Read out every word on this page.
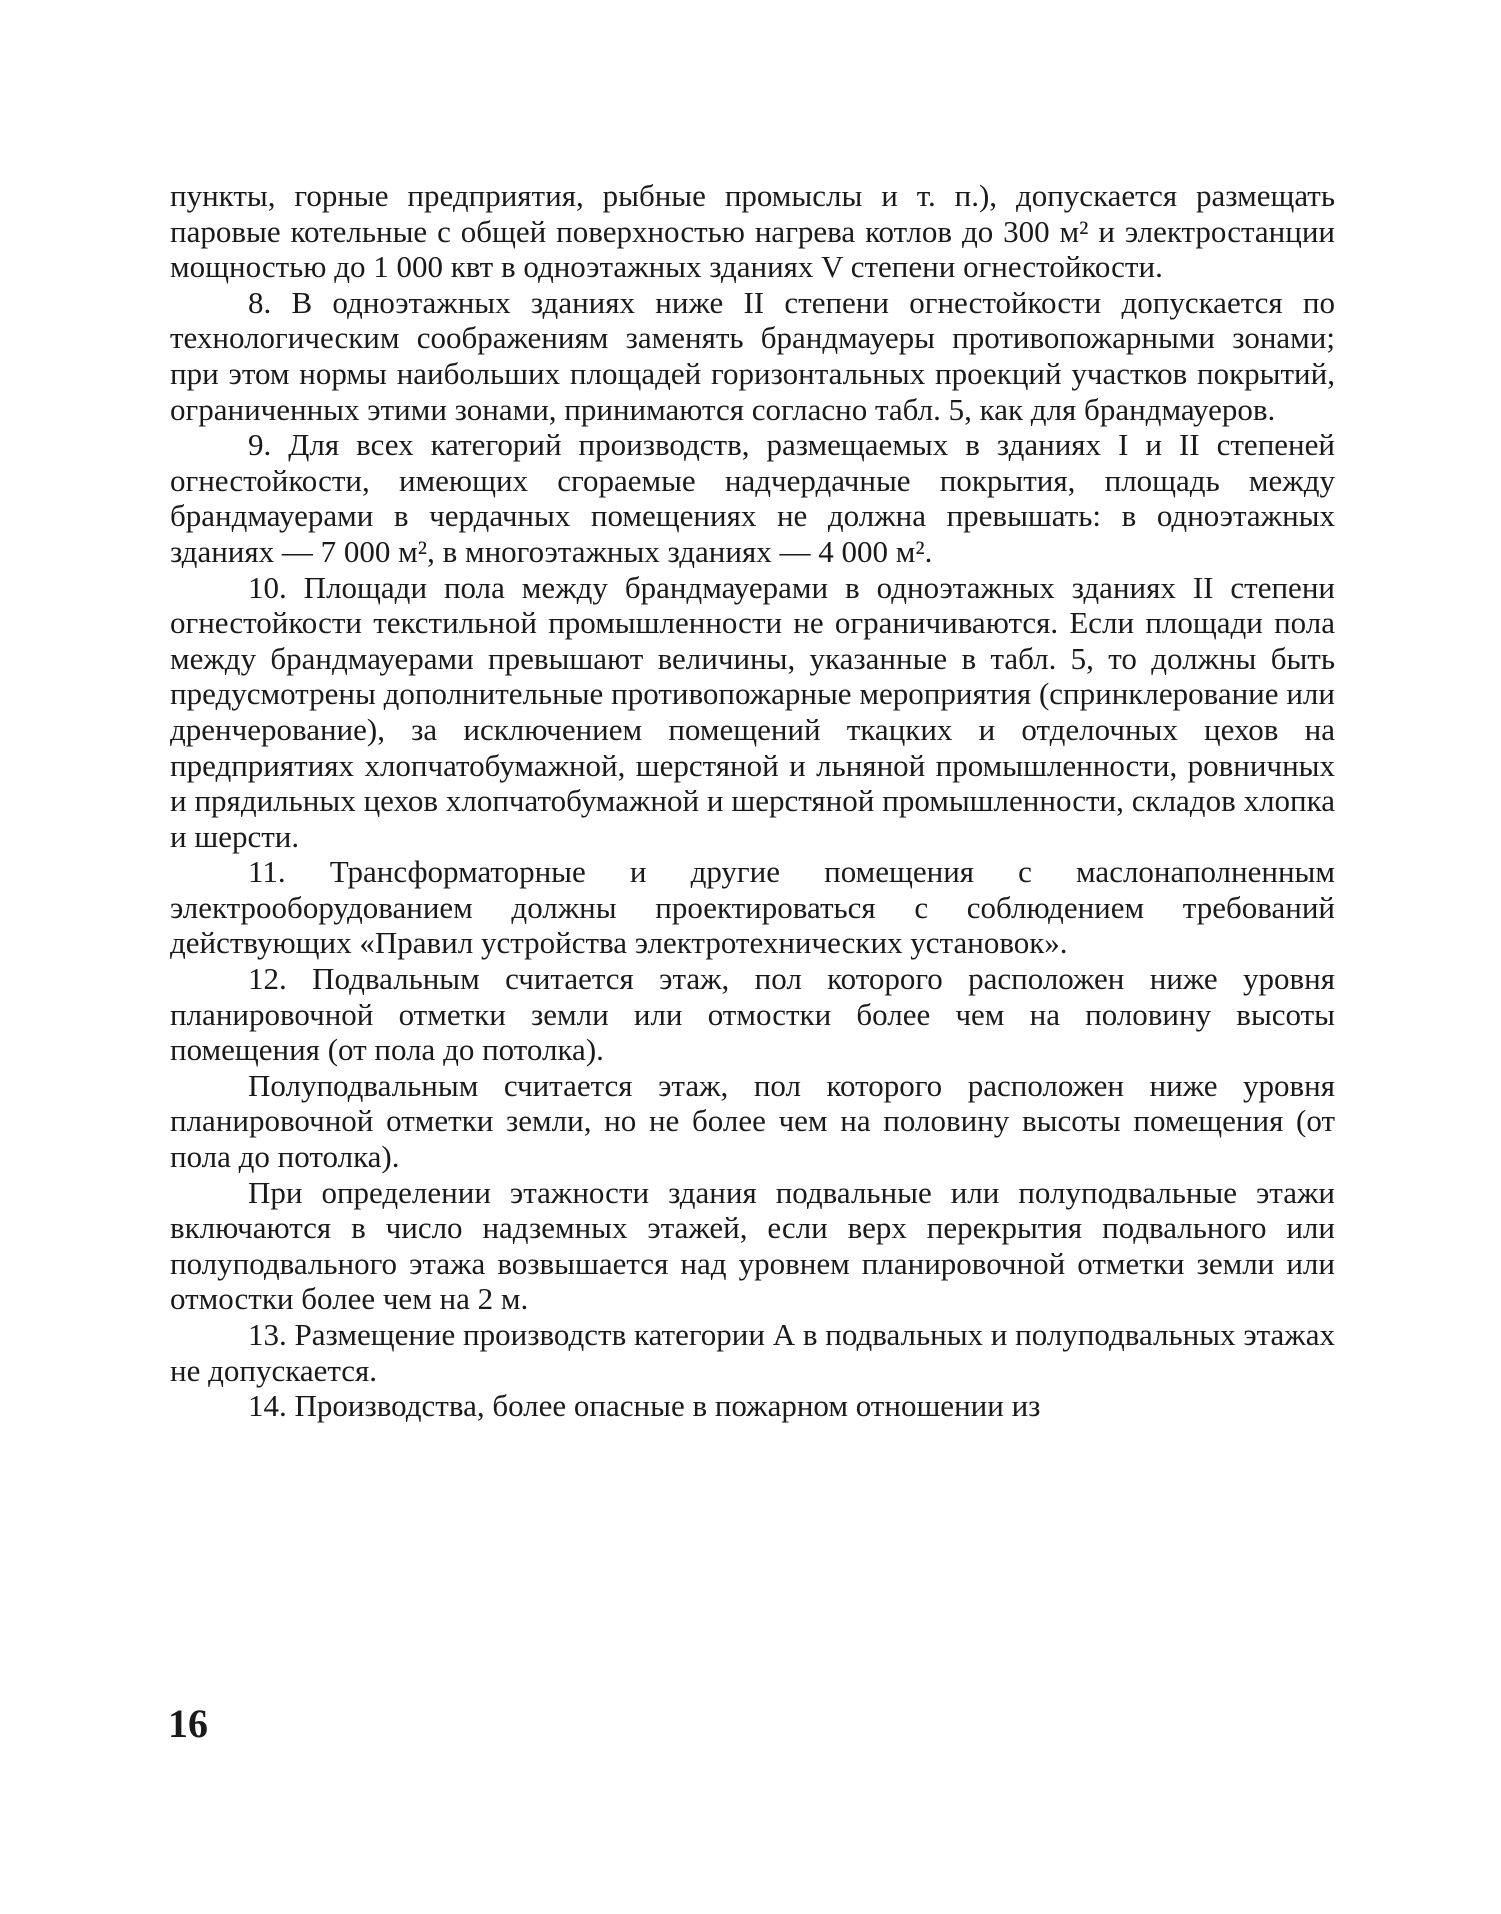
пункты, горные предприятия, рыбные промыслы и т. п.), допускается размещать паровые котельные с общей поверхностью нагрева котлов до 300 м² и электростанции мощностью до 1 000 квт в одноэтажных зданиях V степени огнестойкости.

8. В одноэтажных зданиях ниже II степени огнестойкости допускается по технологическим соображениям заменять брандмауеры противопожарными зонами; при этом нормы наибольших площадей горизонтальных проекций участков покрытий, ограниченных этими зонами, принимаются согласно табл. 5, как для брандмауеров.

9. Для всех категорий производств, размещаемых в зданиях I и II степеней огнестойкости, имеющих сгораемые надчердачные покрытия, площадь между брандмауерами в чердачных помещениях не должна превышать: в одноэтажных зданиях — 7 000 м², в многоэтажных зданиях — 4 000 м².

10. Площади пола между брандмауерами в одноэтажных зданиях II степени огнестойкости текстильной промышленности не ограничиваются. Если площади пола между брандмауерами превышают величины, указанные в табл. 5, то должны быть предусмотрены дополнительные противопожарные мероприятия (спринклерование или дренчерование), за исключением помещений ткацких и отделочных цехов на предприятиях хлопчатобумажной, шерстяной и льняной промышленности, ровничных и прядильных цехов хлопчатобумажной и шерстяной промышленности, складов хлопка и шерсти.

11. Трансформаторные и другие помещения с маслонаполненным электрооборудованием должны проектироваться с соблюдением требований действующих «Правил устройства электротехнических установок».

12. Подвальным считается этаж, пол которого расположен ниже уровня планировочной отметки земли или отмостки более чем на половину высоты помещения (от пола до потолка).

Полуподвальным считается этаж, пол которого расположен ниже уровня планировочной отметки земли, но не более чем на половину высоты помещения (от пола до потолка).

При определении этажности здания подвальные или полуподвальные этажи включаются в число надземных этажей, если верх перекрытия подвального или полуподвального этажа возвышается над уровнем планировочной отметки земли или отмостки более чем на 2 м.

13. Размещение производств категории А в подвальных и полуподвальных этажах не допускается.

14. Производства, более опасные в пожарном отношении из

16
